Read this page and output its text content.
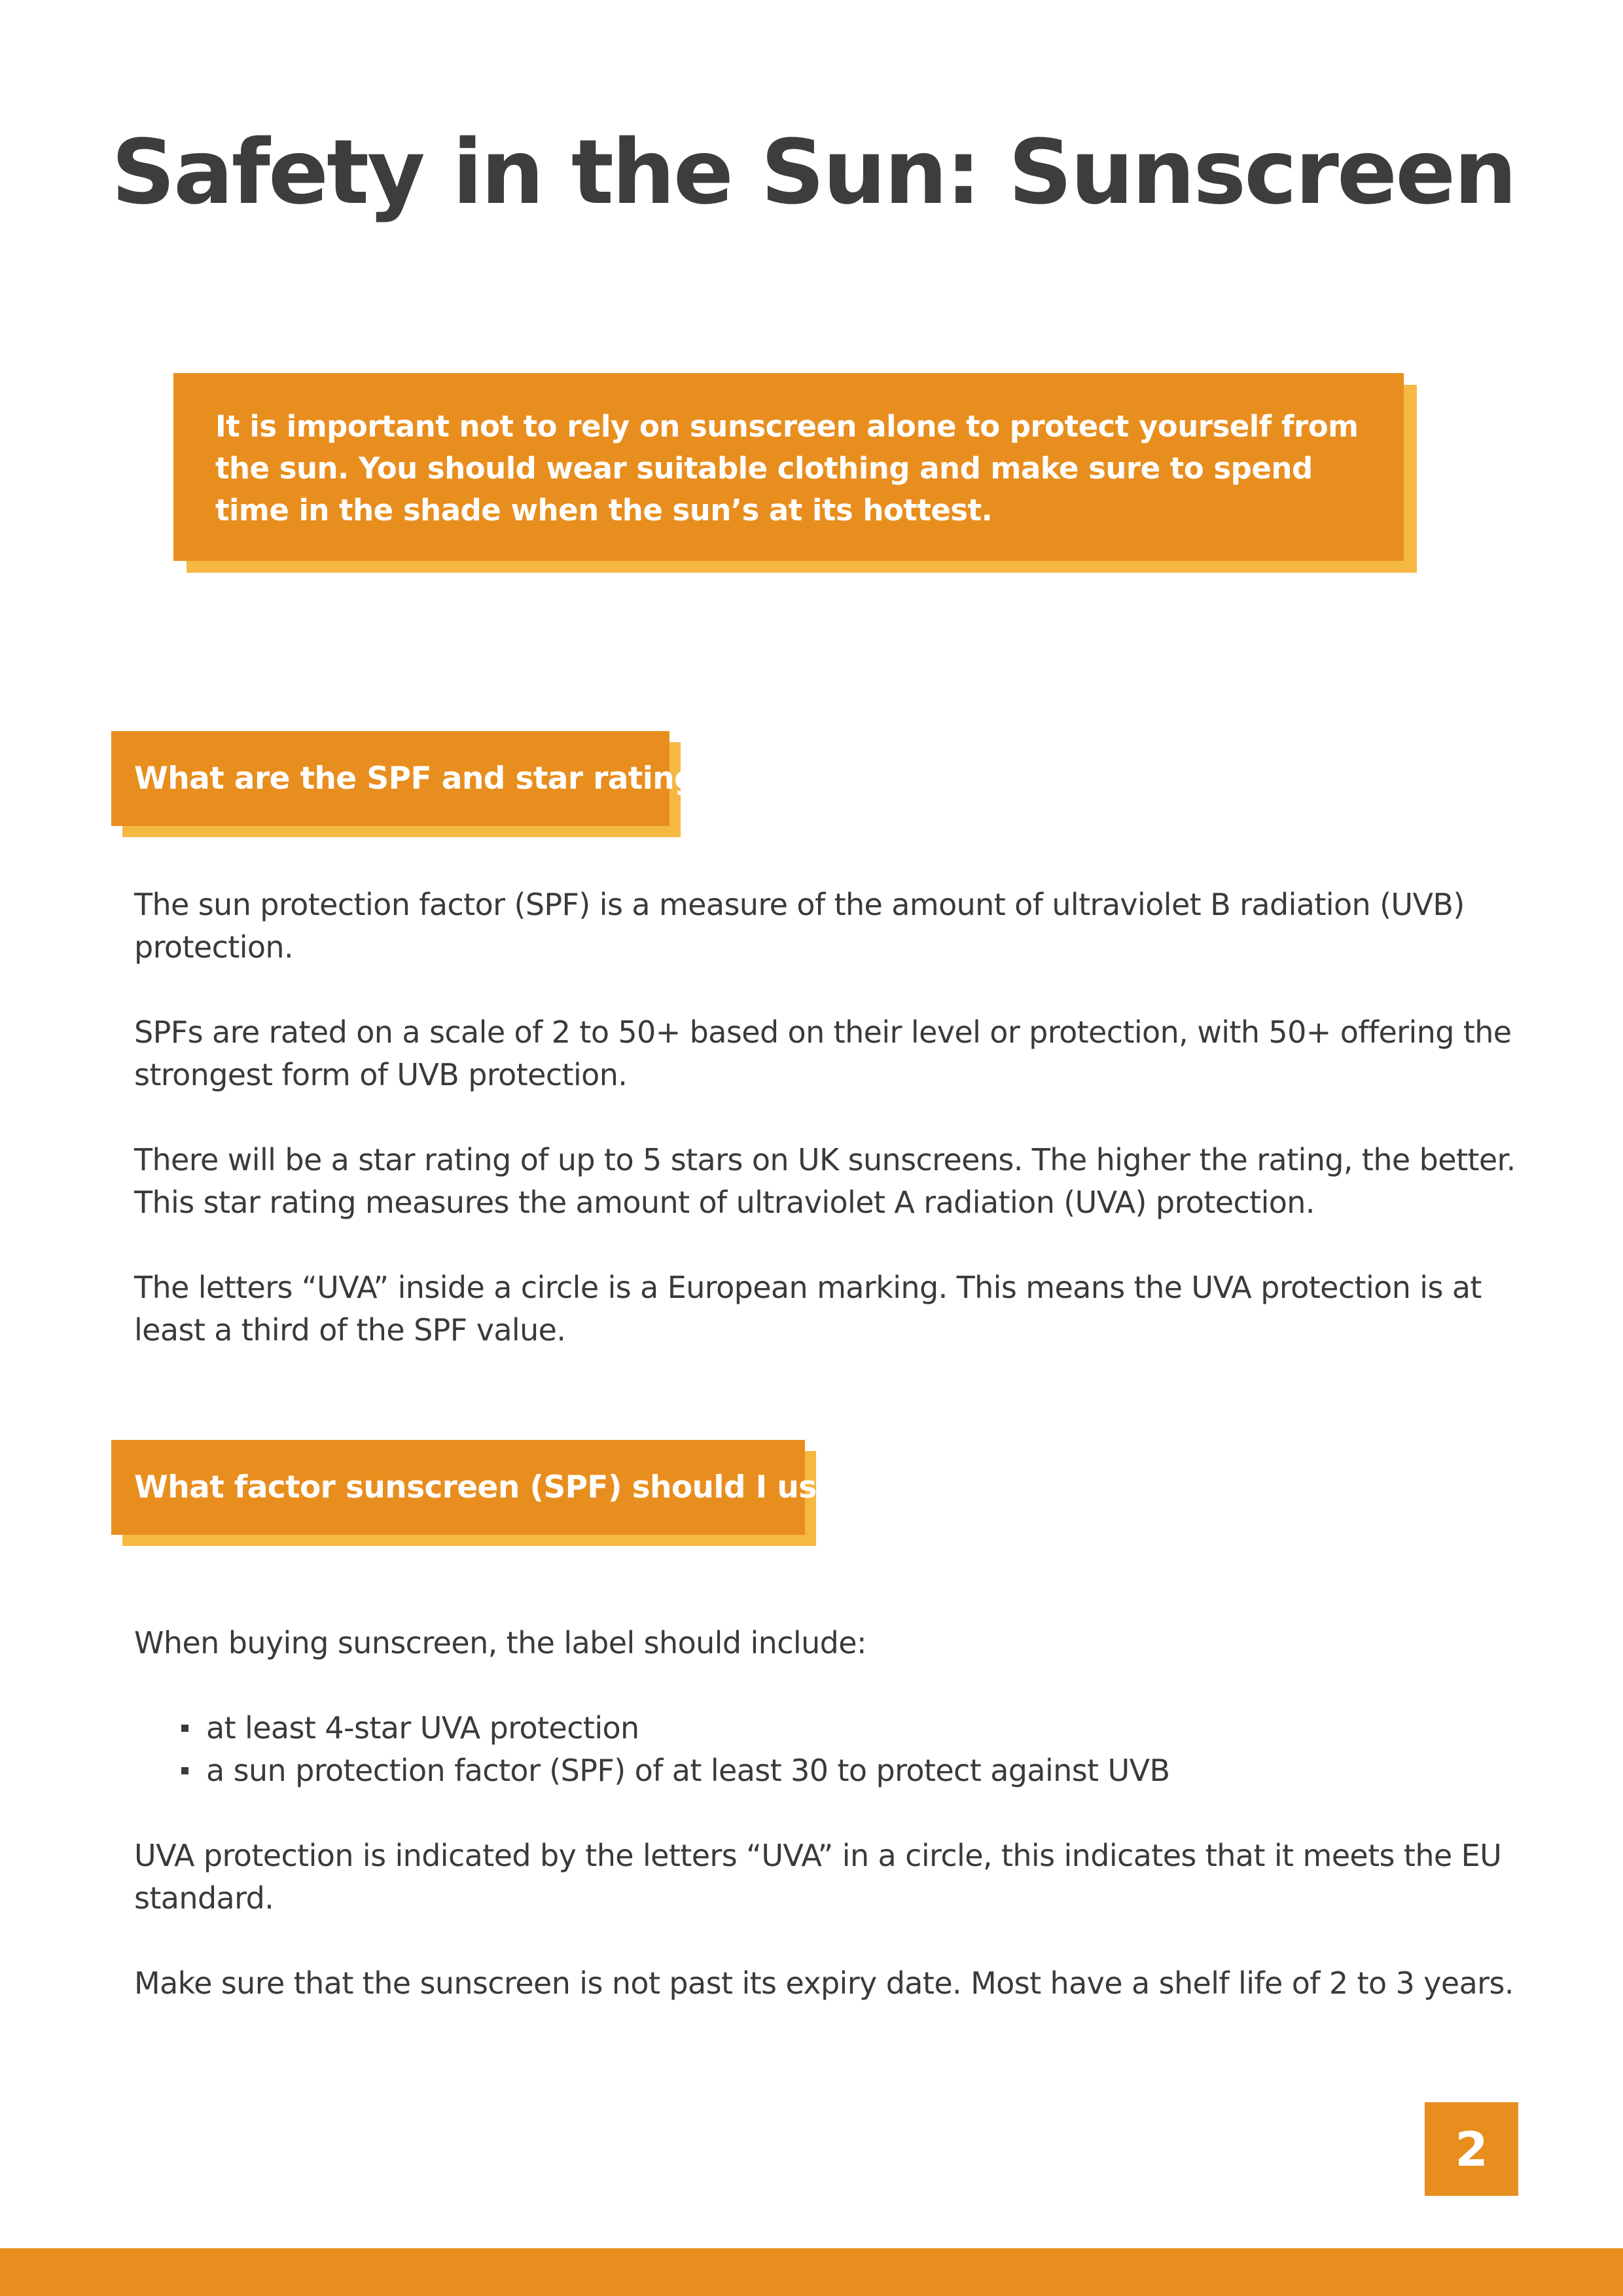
Safety in the Sun: Sunscreen

It is important not to rely on sunscreen alone to protect yourself from the sun. You should wear suitable clothing and make sure to spend time in the shade when the sun’s at its hottest.

What are the SPF and star rating?

The sun protection factor (SPF) is a measure of the amount of ultraviolet B radiation (UVB) protection.

SPFs are rated on a scale of 2 to 50+ based on their level or protection, with 50+ offering the strongest form of UVB protection.

There will be a star rating of up to 5 stars on UK sunscreens. The higher the rating, the better. This star rating measures the amount of ultraviolet A radiation (UVA) protection.

The letters “UVA” inside a circle is a European marking. This means the UVA protection is at least a third of the SPF value.

What factor sunscreen (SPF) should I use?

When buying sunscreen, the label should include:

at least 4-star UVA protection
a sun protection factor (SPF) of at least 30 to protect against UVB

UVA protection is indicated by the letters “UVA” in a circle, this indicates that it meets the EU standard.

Make sure that the sunscreen is not past its expiry date. Most have a shelf life of 2 to 3 years.

2
